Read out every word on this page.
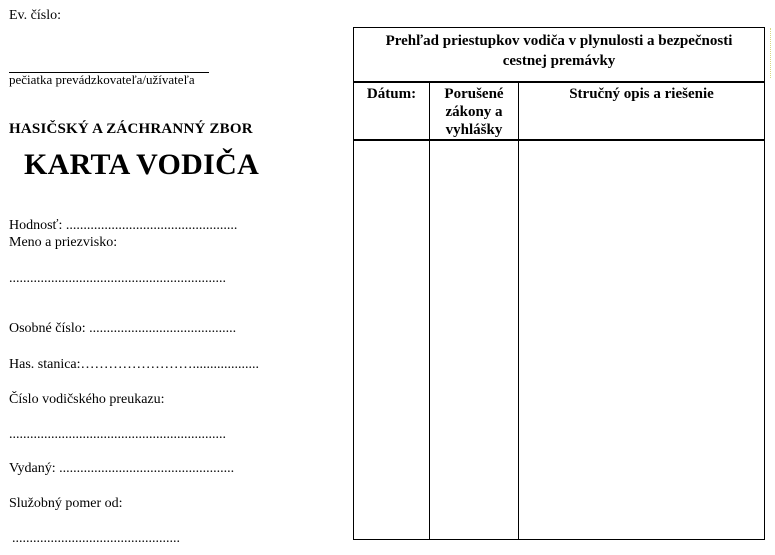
Ev. číslo:
pečiatka prevádzkovateľa/užívateľa
HASIČSKÝ A ZÁCHRANNÝ ZBOR
KARTA VODIČA
Hodnosť: .................................................
Meno a priezvisko:
..............................................................
Osobné číslo: ..........................................
Has. stanica:……………………...................
Číslo vodičského preukazu:
..............................................................
Vydaný: ..................................................
Služobný pomer od:
................................................
Prehľad priestupkov vodiča v plynulosti a bezpečnosti cestnej premávky
Dátum:	Porušené zákony a vyhlášky
Stručný opis a riešenie
